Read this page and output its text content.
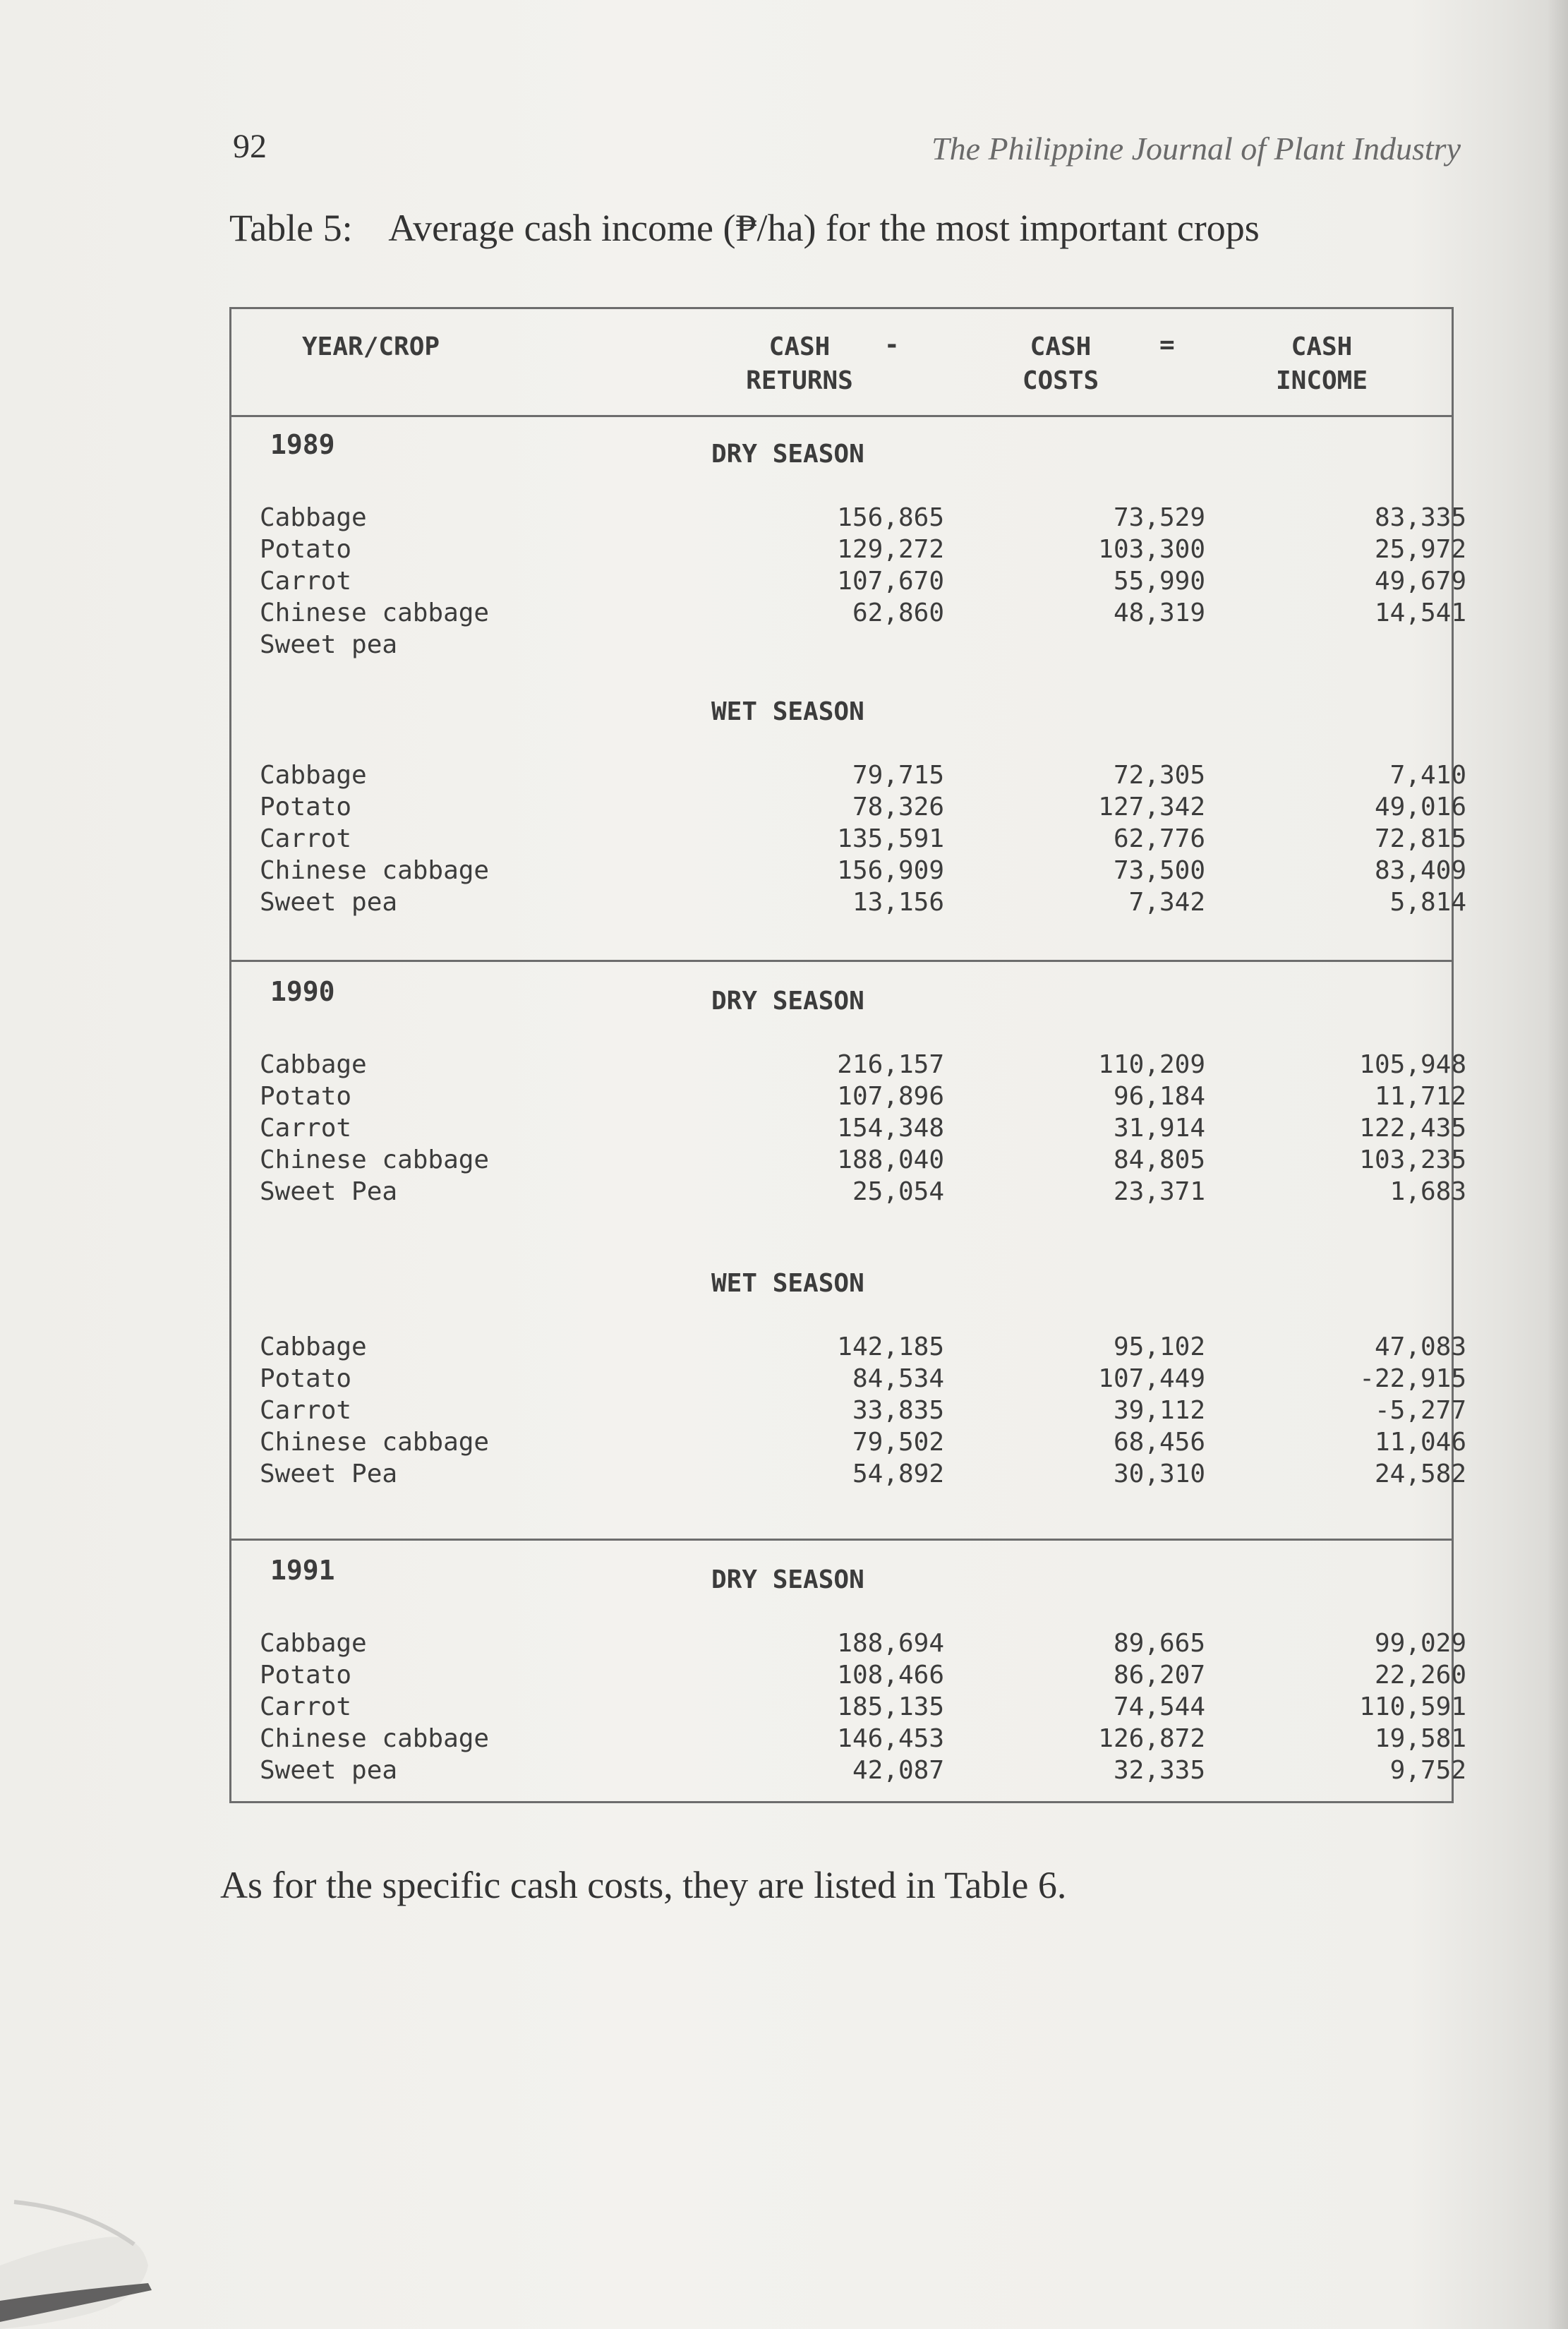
92	The Philippine Journal of Plant Industry
Table 5: Average cash income (₱/ha) for the most important crops
YEAR/CROP	CASH
RETURNS
-	CASH
COSTS
=	CASH
INCOME
1989	DRY SEASON
Cabbage	156,865	73,529	83,335
Potato	129,272	103,300	25,972
Carrot	107,670	55,990	49,679
Chinese cabbage	62,860	48,319	14,541
Sweet pea
WET SEASON
Cabbage	79,715	72,305	7,410
Potato	78,326	127,342	49,016
Carrot	135,591	62,776	72,815
Chinese cabbage	156,909	73,500	83,409
Sweet pea	13,156	7,342	5,814
1990	DRY SEASON
Cabbage	216,157	110,209	105,948
Potato	107,896	96,184	11,712
Carrot	154,348	31,914	122,435
Chinese cabbage	188,040	84,805	103,235
Sweet Pea	25,054	23,371	1,683
WET SEASON
Cabbage	142,185	95,102	47,083
Potato	84,534	107,449	-22,915
Carrot	33,835	39,112	-5,277
Chinese cabbage	79,502	68,456	11,046
Sweet Pea	54,892	30,310	24,582
1991	DRY SEASON
Cabbage	188,694	89,665	99,029
Potato	108,466	86,207	22,260
Carrot	185,135	74,544	110,591
Chinese cabbage	146,453	126,872	19,581
Sweet pea	42,087	32,335	9,752
As for the specific cash costs, they are listed in Table 6.
